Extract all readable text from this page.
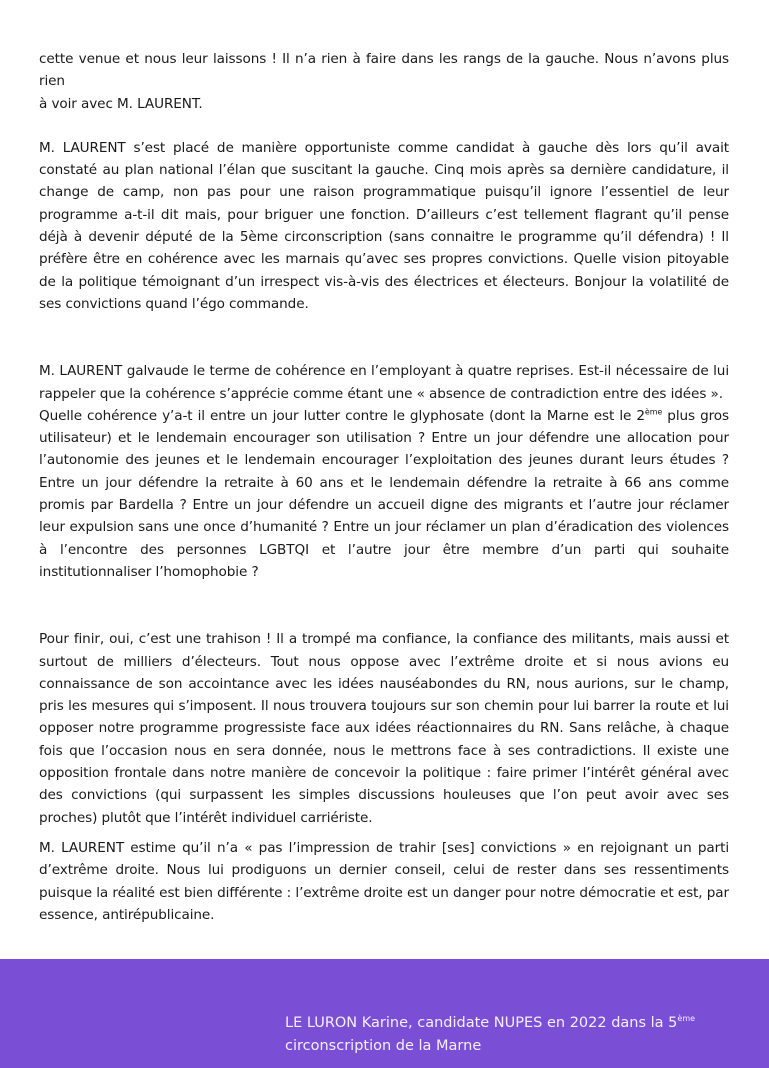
cette venue et nous leur laissons ! Il n’a rien à faire dans les rangs de la gauche. Nous n’avons plus rien
à voir avec M. LAURENT.

M. LAURENT s’est placé de manière opportuniste comme candidat à gauche dès lors qu’il avait constaté au plan national l’élan que suscitant la gauche. Cinq mois après sa dernière candidature, il change de camp, non pas pour une raison programmatique puisqu’il ignore l’essentiel de leur programme a-t-il dit mais, pour briguer une fonction. D’ailleurs c’est tellement flagrant qu’il pense déjà à devenir député de la 5ème circonscription (sans connaitre le programme qu’il défendra) ! Il préfère être en cohérence avec les marnais qu’avec ses propres convictions. Quelle vision pitoyable de la politique témoignant d’un irrespect vis-à-vis des électrices et électeurs. Bonjour la volatilité de ses convictions quand l’égo commande.

M. LAURENT galvaude le terme de cohérence en l’employant à quatre reprises. Est-il nécessaire de lui rappeler que la cohérence s’apprécie comme étant une « absence de contradiction entre des idées ».
Quelle cohérence y’a-t il entre un jour lutter contre le glyphosate (dont la Marne est le 2ème plus gros utilisateur) et le lendemain encourager son utilisation ? Entre un jour défendre une allocation pour l’autonomie des jeunes et le lendemain encourager l’exploitation des jeunes durant leurs études ? Entre un jour défendre la retraite à 60 ans et le lendemain défendre la retraite à 66 ans comme promis par Bardella ? Entre un jour défendre un accueil digne des migrants et l’autre jour réclamer leur expulsion sans une once d’humanité ? Entre un jour réclamer un plan d’éradication des violences à l’encontre des personnes LGBTQI et l’autre jour être membre d’un parti qui souhaite institutionnaliser l’homophobie ?

Pour finir, oui, c’est une trahison ! Il a trompé ma confiance, la confiance des militants, mais aussi et surtout de milliers d’électeurs. Tout nous oppose avec l’extrême droite et si nous avions eu connaissance de son accointance avec les idées nauséabondes du RN, nous aurions, sur le champ, pris les mesures qui s’imposent. Il nous trouvera toujours sur son chemin pour lui barrer la route et lui opposer notre programme progressiste face aux idées réactionnaires du RN. Sans relâche, à chaque fois que l’occasion nous en sera donnée, nous le mettrons face à ses contradictions. Il existe une opposition frontale dans notre manière de concevoir la politique : faire primer l’intérêt général avec des convictions (qui surpassent les simples discussions houleuses que l’on peut avoir avec ses proches) plutôt que l’intérêt individuel carriériste.

M. LAURENT estime qu’il n’a « pas l’impression de trahir [ses] convictions » en rejoignant un parti d’extrême droite. Nous lui prodiguons un dernier conseil, celui de rester dans ses ressentiments puisque la réalité est bien différente : l’extrême droite est un danger pour notre démocratie et est, par essence, antirépublicaine.

LE LURON Karine, candidate NUPES en 2022 dans la 5ème circonscription de la Marne
